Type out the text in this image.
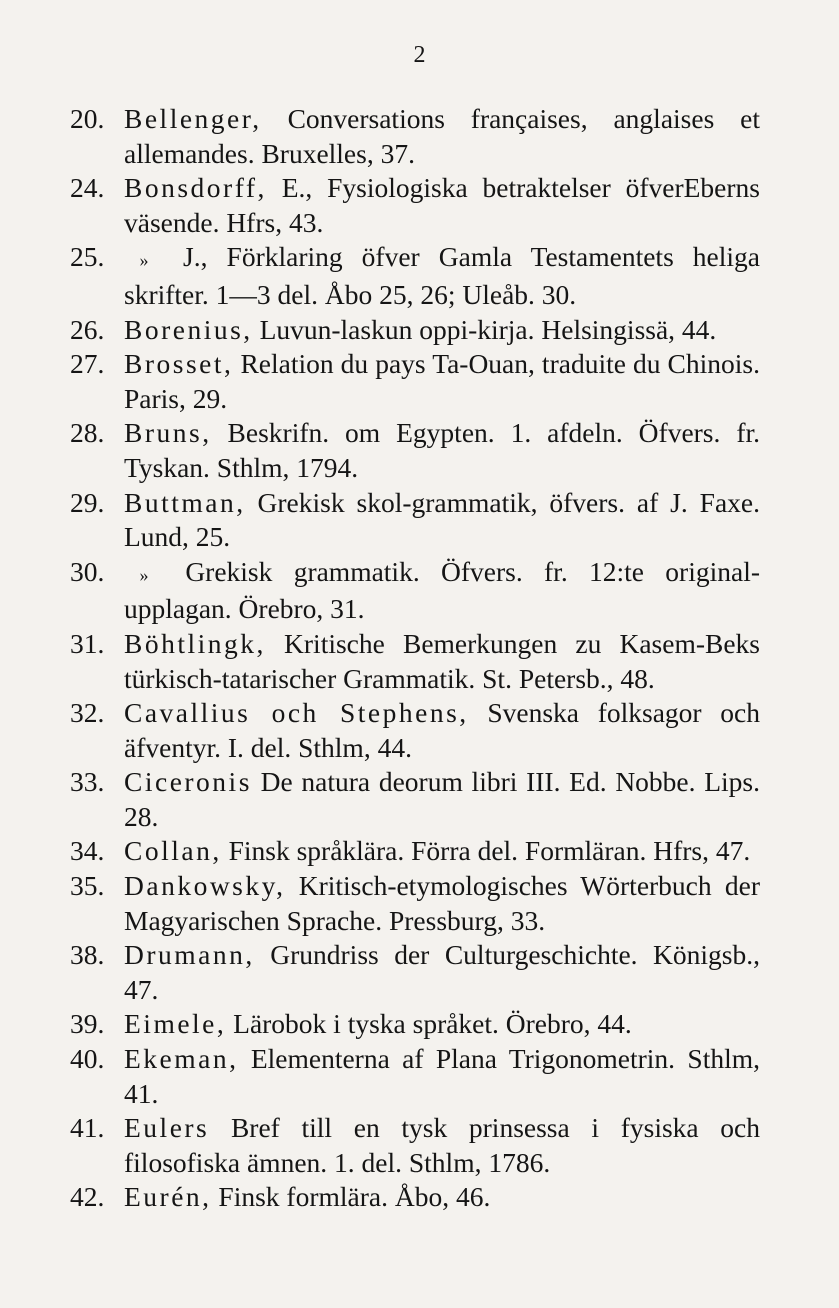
2
20. Bellenger, Conversations françaises, anglaises et allemandes. Bruxelles, 37.
24. Bonsdorff, E., Fysiologiska betraktelser öfverEberns väsende. Hfrs, 43.
25.	» J., Förklaring öfver Gamla Testamentets heliga skrifter. 1—3 del. Åbo 25, 26; Uleåb. 30.
26. Borenius, Luvun-laskun oppi-kirja. Helsingissä, 44.
27. Brosset, Relation du pays Ta-Ouan, traduite du Chinois. Paris, 29.
28. Bruns, Beskrifn. om Egypten. 1. afdeln. Öfvers. fr. Tyskan. Sthlm, 1794.
29. Buttman, Grekisk skol-grammatik, öfvers. af J. Faxe. Lund, 25.
30.	» Grekisk grammatik. Öfvers. fr. 12:te original-upplagan. Örebro, 31.
31. Böhtlingk, Kritische Bemerkungen zu Kasem-Beks türkisch-tatarischer Grammatik. St. Petersb., 48.
32. Cavallius och Stephens, Svenska folksagor och äfventyr. I. del. Sthlm, 44.
33. Ciceronis De natura deorum libri III. Ed. Nobbe. Lips. 28.
34. Collan, Finsk språklära. Förra del. Formläran. Hfrs, 47.
35. Dankowsky, Kritisch-etymologisches Wörterbuch der Magyarischen Sprache. Pressburg, 33.
38. Drumann, Grundriss der Culturgeschichte. Königsb., 47.
39. Eimele, Lärobok i tyska språket. Örebro, 44.
40. Ekeman, Elementerna af Plana Trigonometrin. Sthlm, 41.
41. Eulers Bref till en tysk prinsessa i fysiska och filosofiska ämnen. 1. del. Sthlm, 1786.
42. Eurén, Finsk formlära. Åbo, 46.
